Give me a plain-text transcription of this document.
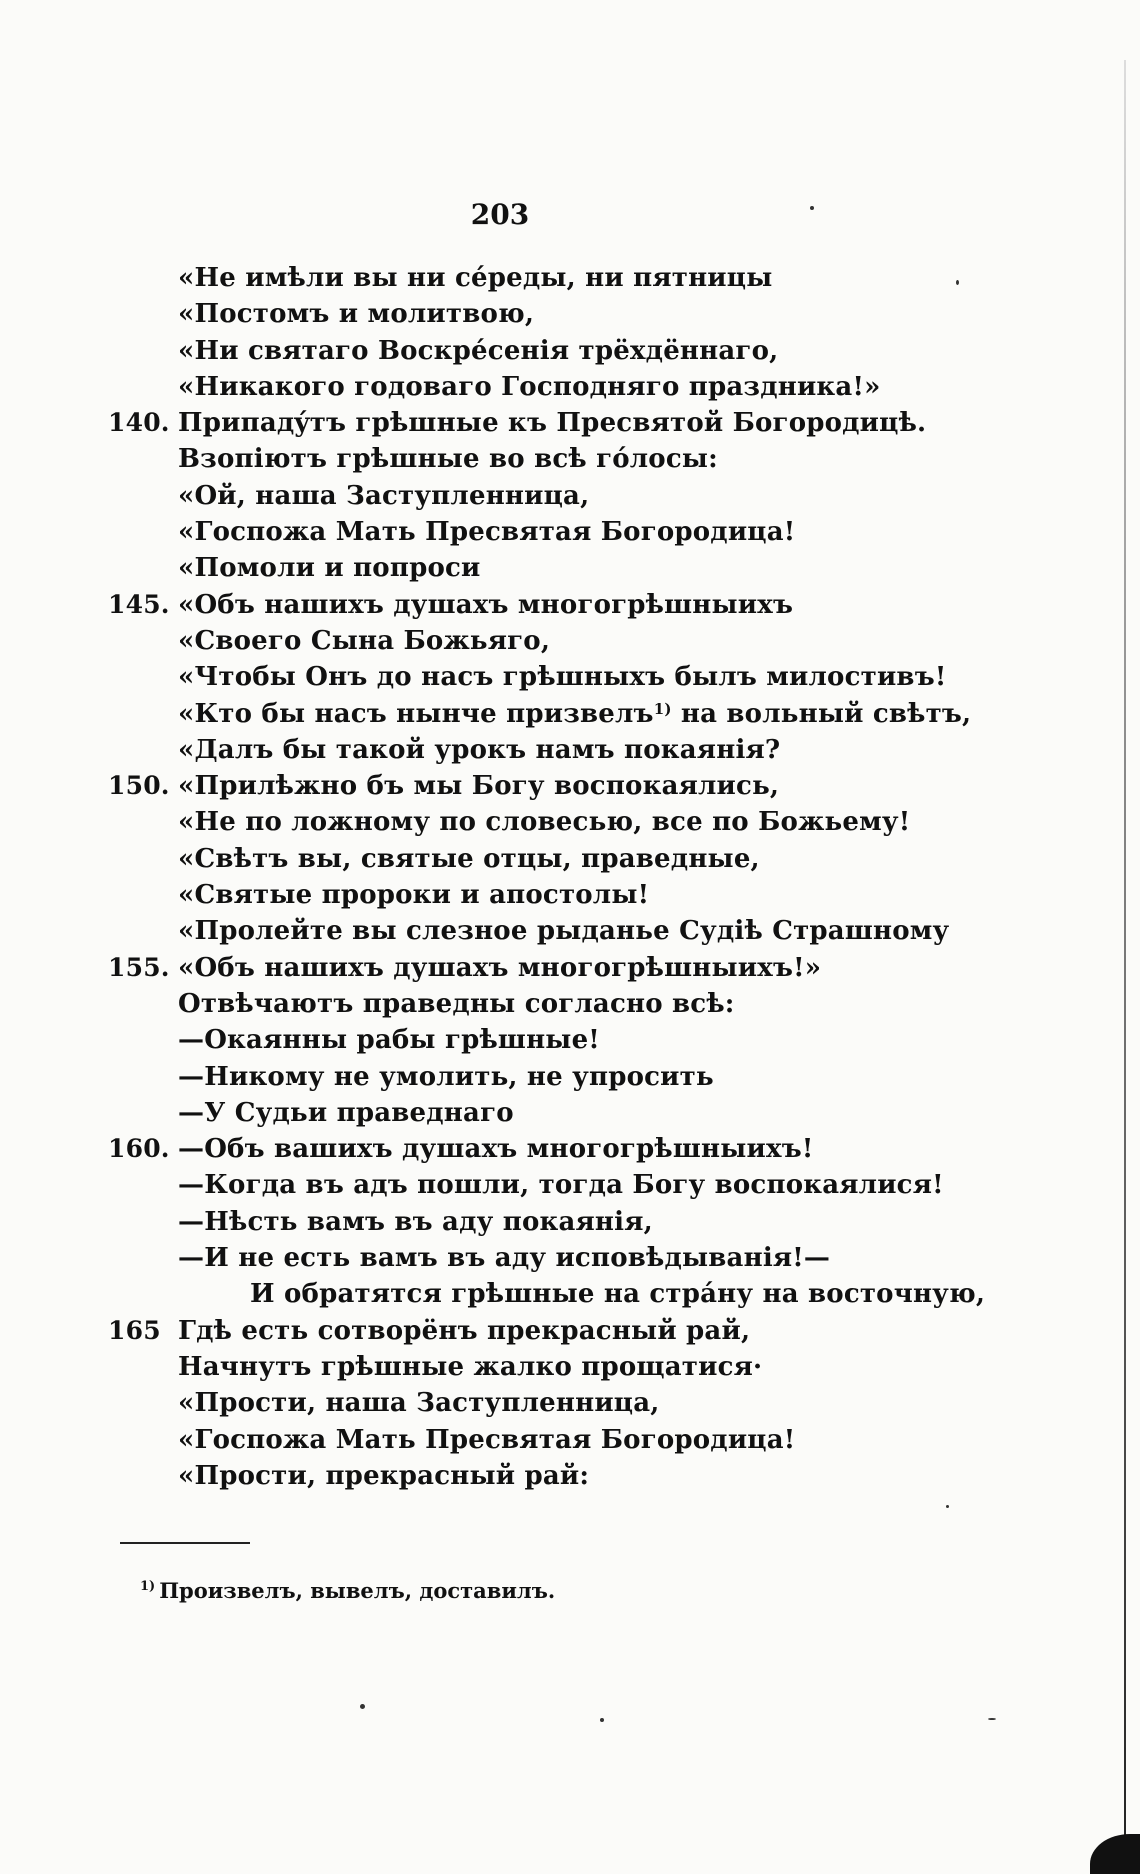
203
«Не имѣли вы ни сéреды, ни пятницы
«Постомъ и молитвою,
«Ни святаго Воскрéсенія трёхдённаго,
«Никакого годоваго Господняго праздника!»
140. Припадýтъ грѣшные къ Пресвятой Богородицѣ.
Взопіютъ грѣшные во всѣ гóлосы:
«Ой, наша Заступленница,
«Госпожа Мать Пресвятая Богородица!
«Помоли и попроси
145. «Объ нашихъ душахъ многогрѣшныихъ
«Своего Сына Божьяго,
«Чтобы Онъ до насъ грѣшныхъ былъ милостивъ!
«Кто бы насъ нынче призвелъ$^{1)}$ на вольный свѣтъ,
«Далъ бы такой урокъ намъ покаянія?
150. «Прилѣжно бъ мы Богу воспокаялись,
«Не по ложному по словесью, все по Божьему!
«Свѣтъ вы, святые отцы, праведные,
«Святые пророки и апостолы!
«Пролейте вы слезное рыданье Судіѣ Страшному
155. «Объ нашихъ душахъ многогрѣшныихъ!»
Отвѣчаютъ праведны согласно всѣ:
—Окаянны рабы грѣшные!
—Никому не умолить, не упросить
—У Судьи праведнаго
160. —Объ вашихъ душахъ многогрѣшныихъ!
—Когда въ адъ пошли, тогда Богу воспокаялися!
—Нѣсть вамъ въ аду покаянія,
—И не есть вамъ въ аду исповѣдыванія!—
И обратятся грѣшные на стрáну на восточную,
165 Гдѣ есть сотворёнъ прекрасный рай,
Начнутъ грѣшные жалко прощатися·
«Прости, наша Заступленница,
«Госпожа Мать Пресвятая Богородица!
«Прости, прекрасный рай:
$^{1)}$ Произвелъ, вывелъ, доставилъ.
